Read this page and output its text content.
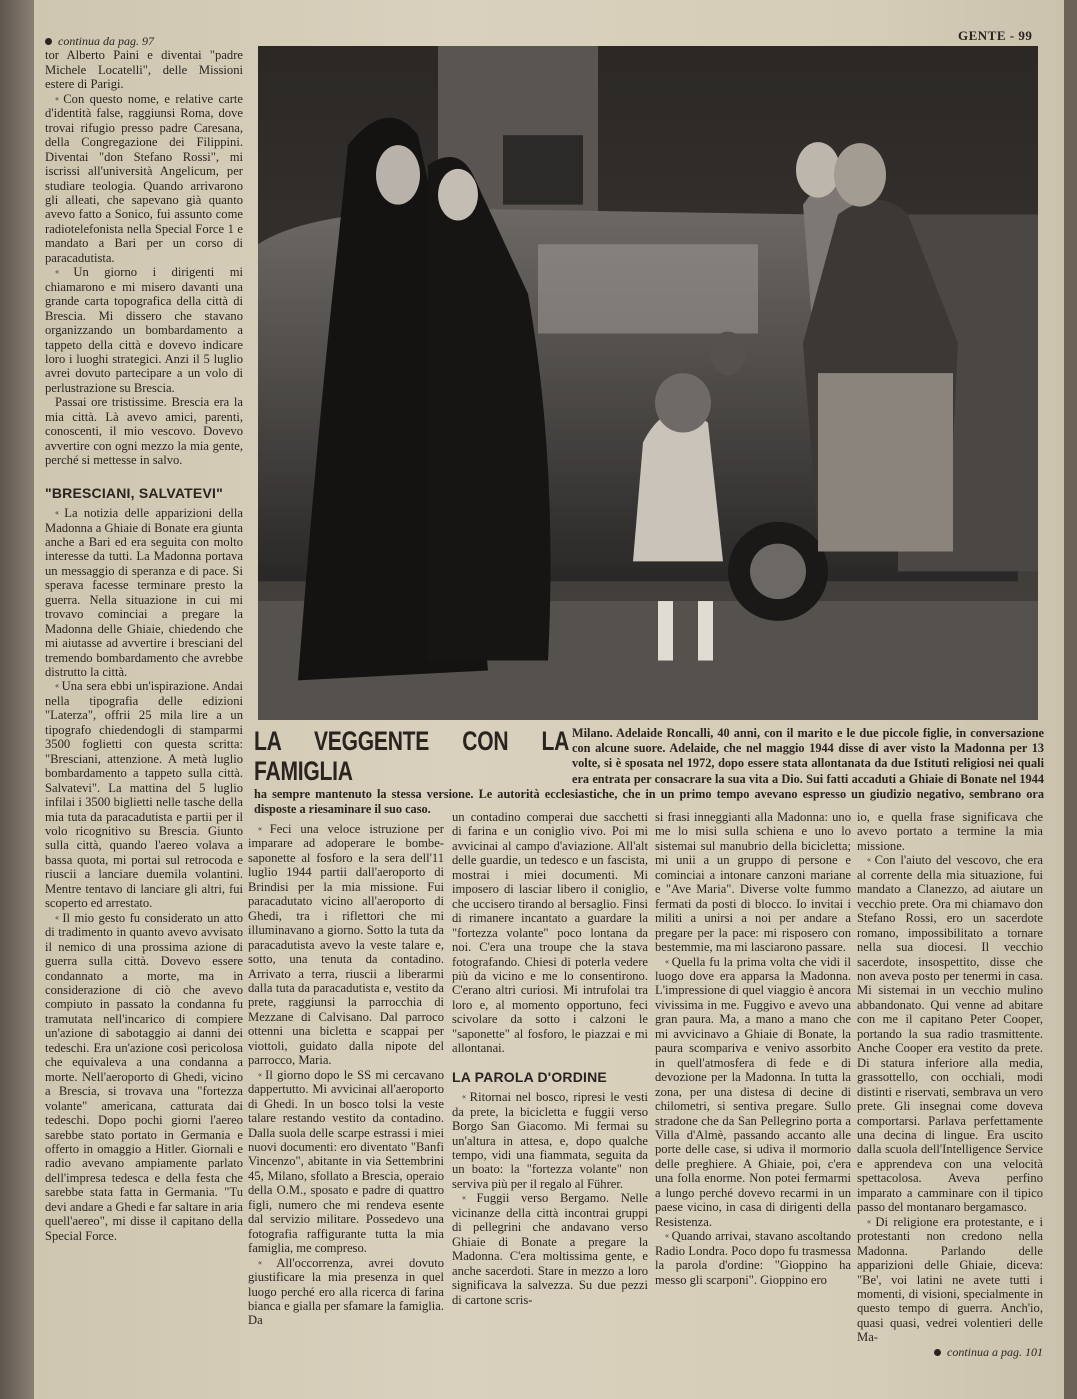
GENTE - 99

continua da pag. 97

tor Alberto Paini e diventai "padre Michele Locatelli", delle Missioni estere di Parigi.

« Con questo nome, e relative carte d'identità false, raggiunsi Roma, dove trovai rifugio presso padre Caresana, della Congregazione dei Filippini. Diventai "don Stefano Rossi", mi iscrissi all'università Angelicum, per studiare teologia. Quando arrivarono gli alleati, che sapevano già quanto avevo fatto a Sonico, fui assunto come radiotelefonista nella Special Force 1 e mandato a Bari per un corso di paracadutista.

« Un giorno i dirigenti mi chiamarono e mi misero davanti una grande carta topografica della città di Brescia. Mi dissero che stavano organizzando un bombardamento a tappeto della città e dovevo indicare loro i luoghi strategici. Anzi il 5 luglio avrei dovuto partecipare a un volo di perlustrazione su Brescia.

Passai ore tristissime. Brescia era la mia città. Là avevo amici, parenti, conoscenti, il mio vescovo. Dovevo avvertire con ogni mezzo la mia gente, perché si mettesse in salvo.

"BRESCIANI, SALVATEVI"

« La notizia delle apparizioni della Madonna a Ghiaie di Bonate era giunta anche a Bari ed era seguita con molto interesse da tutti. La Madonna portava un messaggio di speranza e di pace. Si sperava facesse terminare presto la guerra. Nella situazione in cui mi trovavo cominciai a pregare la Madonna delle Ghiaie, chiedendo che mi aiutasse ad avvertire i bresciani del tremendo bombardamento che avrebbe distrutto la città.

« Una sera ebbi un'ispirazione. Andai nella tipografia delle edizioni "Laterza", offrii 25 mila lire a un tipografo chiedendogli di stamparmi 3500 foglietti con questa scritta: "Bresciani, attenzione. A metà luglio bombardamento a tappeto sulla città. Salvatevi". La mattina del 5 luglio infilai i 3500 biglietti nelle tasche della mia tuta da paracadutista e partii per il volo ricognitivo su Brescia. Giunto sulla città, quando l'aereo volava a bassa quota, mi portai sul retrocoda e riuscii a lanciare duemila volantini. Mentre tentavo di lanciare gli altri, fui scoperto ed arrestato.

« Il mio gesto fu considerato un atto di tradimento in quanto avevo avvisato il nemico di una prossima azione di guerra sulla città. Dovevo essere condannato a morte, ma in considerazione di ciò che avevo compiuto in passato la condanna fu tramutata nell'incarico di compiere un'azione di sabotaggio ai danni dei tedeschi. Era un'azione così pericolosa che equivaleva a una condanna a morte. Nell'aeroporto di Ghedi, vicino a Brescia, si trovava una "fortezza volante" americana, catturata dai tedeschi. Dopo pochi giorni l'aereo sarebbe stato portato in Germania e offerto in omaggio a Hitler. Giornali e radio avevano ampiamente parlato dell'impresa tedesca e della festa che sarebbe stata fatta in Germania. "Tu devi andare a Ghedi e far saltare in aria quell'aereo", mi disse il capitano della Special Force.

LA VEGGENTE CON LA FAMIGLIA
Milano. Adelaide Roncalli, 40 anni, con il marito e le due piccole figlie, in conversazione con alcune suore. Adelaide, che nel maggio 1944 disse di aver visto la Madonna per 13 volte, si è sposata nel 1972, dopo essere stata allontanata da due Istituti religiosi nei quali era entrata per consacrare la sua vita a Dio. Sui fatti accaduti a Ghiaie di Bonate nel 1944 ha sempre mantenuto la stessa versione. Le autorità ecclesiastiche, che in un primo tempo avevano espresso un giudizio negativo, sembrano ora disposte a riesaminare il suo caso.

« Feci una veloce istruzione per imparare ad adoperare le bombe-saponette al fosforo e la sera dell'11 luglio 1944 partii dall'aeroporto di Brindisi per la mia missione. Fui paracadutato vicino all'aeroporto di Ghedi, tra i riflettori che mi illuminavano a giorno. Sotto la tuta da paracadutista avevo la veste talare e, sotto, una tenuta da contadino. Arrivato a terra, riuscii a liberarmi dalla tuta da paracadutista e, vestito da prete, raggiunsi la parrocchia di Mezzane di Calvisano. Dal parroco ottenni una bicletta e scappai per viottoli, guidato dalla nipote del parrocco, Maria.

« Il giorno dopo le SS mi cercavano dappertutto. Mi avvicinai all'aeroporto di Ghedi. In un bosco tolsi la veste talare restando vestito da contadino. Dalla suola delle scarpe estrassi i miei nuovi documenti: ero diventato "Banfi Vincenzo", abitante in via Settembrini 45, Milano, sfollato a Brescia, operaio della O.M., sposato e padre di quattro figli, numero che mi rendeva esente dal servizio militare. Possedevo una fotografia raffigurante tutta la mia famiglia, me compreso.

« All'occorrenza, avrei dovuto giustificare la mia presenza in quel luogo perché ero alla ricerca di farina bianca e gialla per sfamare la famiglia. Da

un contadino comperai due sacchetti di farina e un coniglio vivo. Poi mi avvicinai al campo d'aviazione. All'alt delle guardie, un tedesco e un fascista, mostrai i miei documenti. Mi imposero di lasciar libero il coniglio, che uccisero tirando al bersaglio. Finsi di rimanere incantato a guardare la "fortezza volante" poco lontana da noi. C'era una troupe che la stava fotografando. Chiesi di poterla vedere più da vicino e me lo consentirono. C'erano altri curiosi. Mi intrufolai tra loro e, al momento opportuno, feci scivolare da sotto i calzoni le "saponette" al fosforo, le piazzai e mi allontanai.

LA PAROLA D'ORDINE

« Ritornai nel bosco, ripresi le vesti da prete, la bicicletta e fuggii verso Borgo San Giacomo. Mi fermai su un'altura in attesa, e, dopo qualche tempo, vidi una fiammata, seguita da un boato: la "fortezza volante" non serviva più per il regalo al Führer.

« Fuggii verso Bergamo. Nelle vicinanze della città incontrai gruppi di pellegrini che andavano verso Ghiaie di Bonate a pregare la Madonna. C'era moltissima gente, e anche sacerdoti. Stare in mezzo a loro significava la salvezza. Su due pezzi di cartone scris-

si frasi inneggianti alla Madonna: uno me lo misi sulla schiena e uno lo sistemai sul manubrio della bicicletta; mi unii a un gruppo di persone e cominciai a intonare canzoni mariane e "Ave Maria". Diverse volte fummo fermati da posti di blocco. Io invitai i militi a unirsi a noi per andare a pregare per la pace: mi risposero con bestemmie, ma mi lasciarono passare.

« Quella fu la prima volta che vidi il luogo dove era apparsa la Madonna. L'impressione di quel viaggio è ancora vivissima in me. Fuggivo e avevo una gran paura. Ma, a mano a mano che mi avvicinavo a Ghiaie di Bonate, la paura scompariva e venivo assorbito in quell'atmosfera di fede e di devozione per la Madonna. In tutta la zona, per una distesa di decine di chilometri, si sentiva pregare. Sullo stradone che da San Pellegrino porta a Villa d'Almè, passando accanto alle porte delle case, si udiva il mormorio delle preghiere. A Ghiaie, poi, c'era una folla enorme. Non potei fermarmi a lungo perché dovevo recarmi in un paese vicino, in casa di dirigenti della Resistenza.

« Quando arrivai, stavano ascoltando Radio Londra. Poco dopo fu trasmessa la parola d'ordine: "Gioppino ha messo gli scarponi". Gioppino ero

io, e quella frase significava che avevo portato a termine la mia missione.

« Con l'aiuto del vescovo, che era al corrente della mia situazione, fui mandato a Clanezzo, ad aiutare un vecchio prete. Ora mi chiamavo don Stefano Rossi, ero un sacerdote romano, impossibilitato a tornare nella sua diocesi. Il vecchio sacerdote, insospettito, disse che non aveva posto per tenermi in casa. Mi sistemai in un vecchio mulino abbandonato. Qui venne ad abitare con me il capitano Peter Cooper, portando la sua radio trasmittente. Anche Cooper era vestito da prete. Di statura inferiore alla media, grassottello, con occhiali, modi distinti e riservati, sembrava un vero prete. Gli insegnai come doveva comportarsi. Parlava perfettamente una decina di lingue. Era uscito dalla scuola dell'Intelligence Service e apprendeva con una velocità spettacolosa. Aveva perfino imparato a camminare con il tipico passo del montanaro bergamasco.

« Di religione era protestante, e i protestanti non credono nella Madonna. Parlando delle apparizioni delle Ghiaie, diceva: "Be', voi latini ne avete tutti i momenti, di visioni, specialmente in questo tempo di guerra. Anch'io, quasi quasi, vedrei volentieri delle Ma-

continua a pag. 101
